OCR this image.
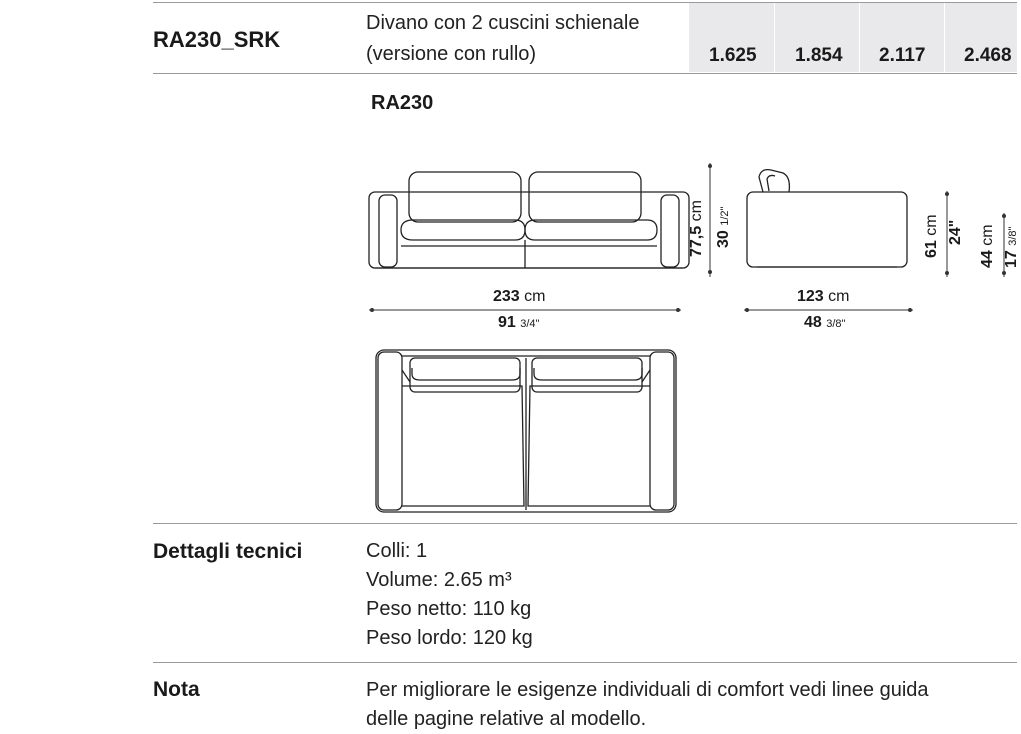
RA230_SRK
Divano con 2 cuscini schienale
(versione con rullo)	1.625 1.854 2.117 2.468
RA230
233 cm
91 3/4"
77,5 cm
30 1/2"
123 cm
48 3/8"
61 cm 24"
44 cm
17 3/8"
Dettagli tecnici	Colli: 1
Volume: 2.65 m³
Peso netto: 110 kg
Peso lordo: 120 kg
Nota	Per migliorare le esigenze individuali di comfort vedi linee guida
delle pagine relative al modello.
